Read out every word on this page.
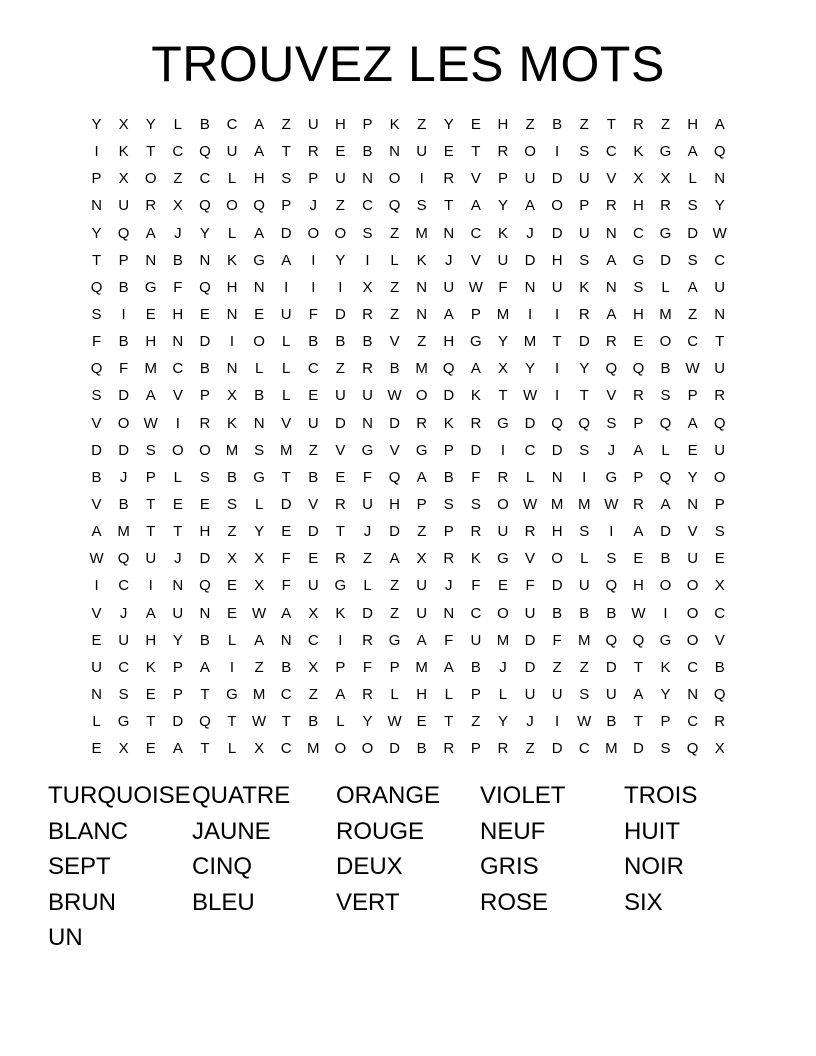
TROUVEZ LES MOTS
Y	X	Y	L	B	C	A	Z	U	H	P	K	Z	Y	E	H	Z	B	Z	T	R	Z	H	A
I	K	T	C	Q	U	A	T	R	E	B	N	U	E	T	R	O	I	S	C	K	G	A	Q
P	X	O	Z	C	L	H	S	P	U	N	O	I	R	V	P	U	D	U	V	X	X	L	N
N	U	R	X	Q	O	Q	P	J	Z	C	Q	S	T	A	Y	A	O	P	R	H	R	S	Y
Y	Q	A	J	Y	L	A	D	O	O	S	Z	M	N	C	K	J	D	U	N	C	G	D W
T	P	N	B	N	K	G	A	I	Y	I	L	K	J	V	U	D	H	S	A	G	D	S	C
Q	B	G	F	Q	H	N	I	I	I	X	Z	N	U W	F	N	U	K	N	S	L	A	U
S	I	E	H	E	N	E	U	F	D	R	Z	N	A	P	M	I	I	R	A	H	M	Z	N
F	B	H	N	D	I	O	L	B	B	B	V	Z	H	G	Y	M	T	D	R	E	O	C	T
Q	F	M	C	B	N	L	L	C	Z	R	B	M	Q	A	X	Y	I	Y	Q	Q	B	W U
S	D	A	V	P	X	B	L	E	U	U W O	D	K	T	W	I	T	V	R	S	P	R
V	O W	I	R	K	N	V	U	D	N	D	R	K	R	G	D	Q	Q	S	P	Q	A	Q
D	D	S	O	O	M	S	M	Z	V	G	V	G	P	D	I	C	D	S	J	A	L	E	U
B	J	P	L	S	B	G	T	B	E	F	Q	A	B	F	R	L	N	I	G	P	Q	Y	O
V	B	T	E	E	S	L	D	V	R	U	H	P	S	S	O W M M W R	A	N	P
A	M	T	T	H	Z	Y	E	D	T	J	D	Z	P	R	U	R	H	S	I	A	D	V	S
W Q	U	J	D	X	X	F	E	R	Z	A	X	R	K	G	V	O	L	S	E	B	U	E
I	C	I	N	Q	E	X	F	U	G	L	Z	U	J	F	E	F	D	U	Q	H	O	O	X
V	J	A	U	N	E	W	A	X	K	D	Z	U	N	C	O	U	B	B	B	W	I	O	C
E	U	H	Y	B	L	A	N	C	I	R	G	A	F	U	M	D	F	M	Q	Q	G	O	V
U	C	K	P	A	I	Z	B	X	P	F	P	M	A	B	J	D	Z	Z	D	T	K	C	B
N	S	E	P	T	G	M	C	Z	A	R	L	H	L	P	L	U	U	S	U	A	Y	N	Q
L	G	T	D	Q	T	W	T	B	L	Y	W	E	T	Z	Y	J	I	W	B	T	P	C	R
E	X	E	A	T	L	X	C	M	O	O	D	B	R	P	R	Z	D	C	M	D	S	Q	X
TURQUOISE QUATRE	ORANGE	VIOLET	TROIS
BLANC	JAUNE	ROUGE	NEUF	HUIT
SEPT	CINQ	DEUX	GRIS	NOIR
BRUN	BLEU	VERT	ROSE	SIX
UN
